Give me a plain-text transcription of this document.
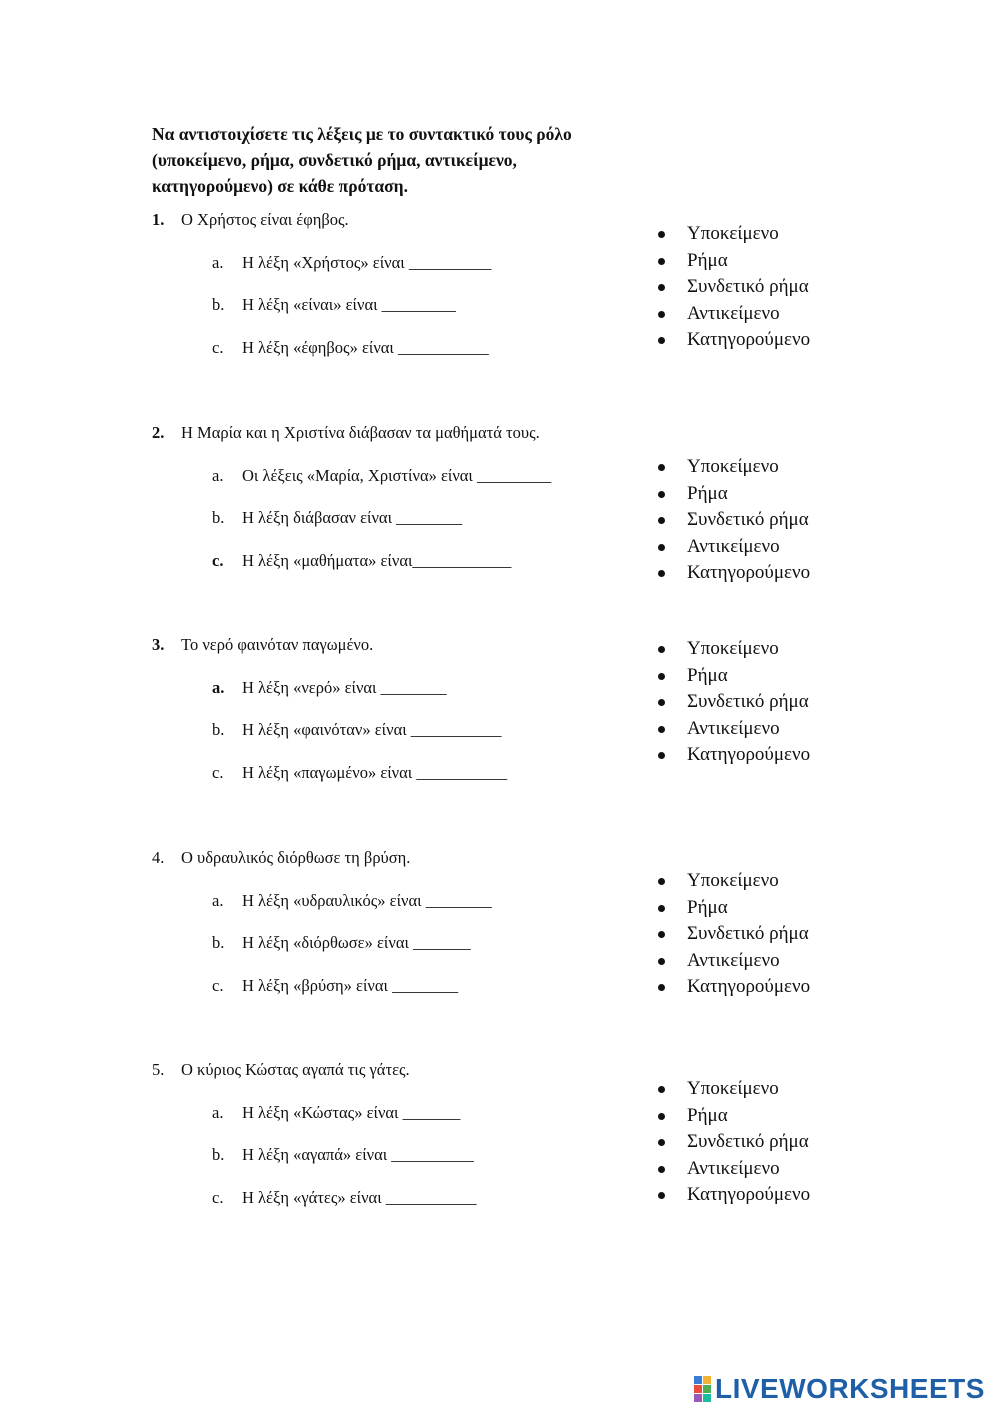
Να αντιστοιχίσετε τις λέξεις με το συντακτικό τους ρόλο (υποκείμενο, ρήμα, συνδετικό ρήμα, αντικείμενο, κατηγορούμενο) σε κάθε πρόταση.
1. Ο Χρήστος είναι έφηβος.
a. Η λέξη «Χρήστος» είναι __________
b. Η λέξη «είναι» είναι _________
c. Η λέξη «έφηβος» είναι ___________
Υποκείμενο
Ρήμα
Συνδετικό ρήμα
Αντικείμενο
Κατηγορούμενο
2. Η Μαρία και η Χριστίνα διάβασαν τα μαθήματά τους.
a. Οι λέξεις «Μαρία, Χριστίνα» είναι _________
b. Η λέξη διάβασαν είναι ________
c. Η λέξη «μαθήματα» είναι____________
Υποκείμενο
Ρήμα
Συνδετικό ρήμα
Αντικείμενο
Κατηγορούμενο
3. Το νερό φαινόταν παγωμένο.
a. Η λέξη «νερό» είναι ________
b. Η λέξη «φαινόταν» είναι ___________
c. Η λέξη «παγωμένο» είναι ___________
Υποκείμενο
Ρήμα
Συνδετικό ρήμα
Αντικείμενο
Κατηγορούμενο
4. Ο υδραυλικός διόρθωσε τη βρύση.
a. Η λέξη «υδραυλικός» είναι ________
b. Η λέξη «διόρθωσε» είναι _______
c. Η λέξη «βρύση» είναι ________
Υποκείμενο
Ρήμα
Συνδετικό ρήμα
Αντικείμενο
Κατηγορούμενο
5. Ο κύριος Κώστας αγαπά τις γάτες.
a. Η λέξη «Κώστας» είναι _______
b. Η λέξη «αγαπά» είναι __________
c. Η λέξη «γάτες» είναι ___________
Υποκείμενο
Ρήμα
Συνδετικό ρήμα
Αντικείμενο
Κατηγορούμενο
LIVEWORKSHEETS
